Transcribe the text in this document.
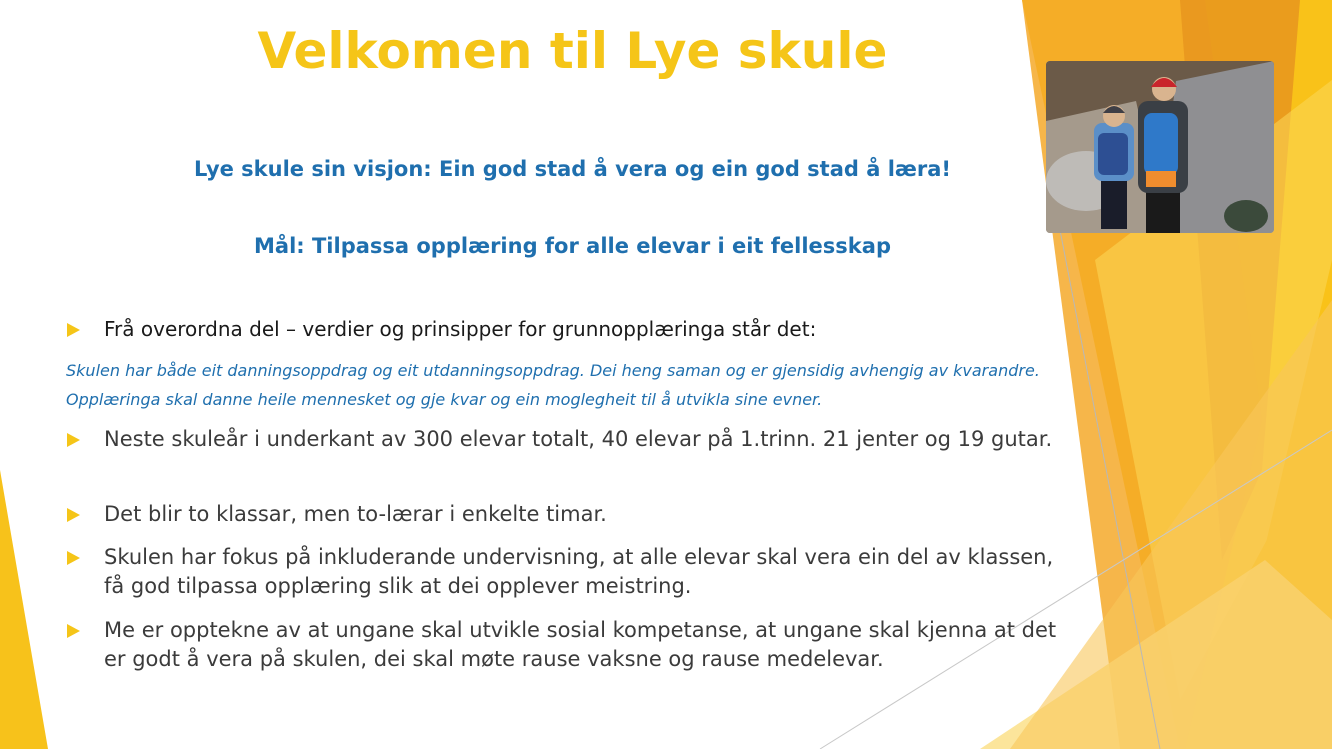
Velkomen til Lye skule
Lye skule sin visjon: Ein god stad å vera og ein god stad å læra!
Mål: Tilpassa opplæring for alle elevar i eit fellesskap
Frå overordna del – verdier og prinsipper for grunnopplæringa står det:
Skulen har både eit danningsoppdrag og eit utdanningsoppdrag. Dei heng saman og er gjensidig avhengig av kvarandre. Opplæringa skal danne heile mennesket og gje kvar og ein moglegheit til å utvikla sine evner.
Neste skuleår i underkant av 300 elevar totalt, 40 elevar på 1.trinn. 21 jenter og 19 gutar.
Det blir to klassar, men to-lærar i enkelte timar.
Skulen har fokus på inkluderande undervisning, at alle elevar skal vera ein del av klassen, få god tilpassa opplæring slik at dei opplever meistring.
Me er opptekne av at ungane skal utvikle sosial kompetanse, at ungane skal kjenna at det er godt å vera på skulen, dei skal møte rause vaksne og rause medelevar.
